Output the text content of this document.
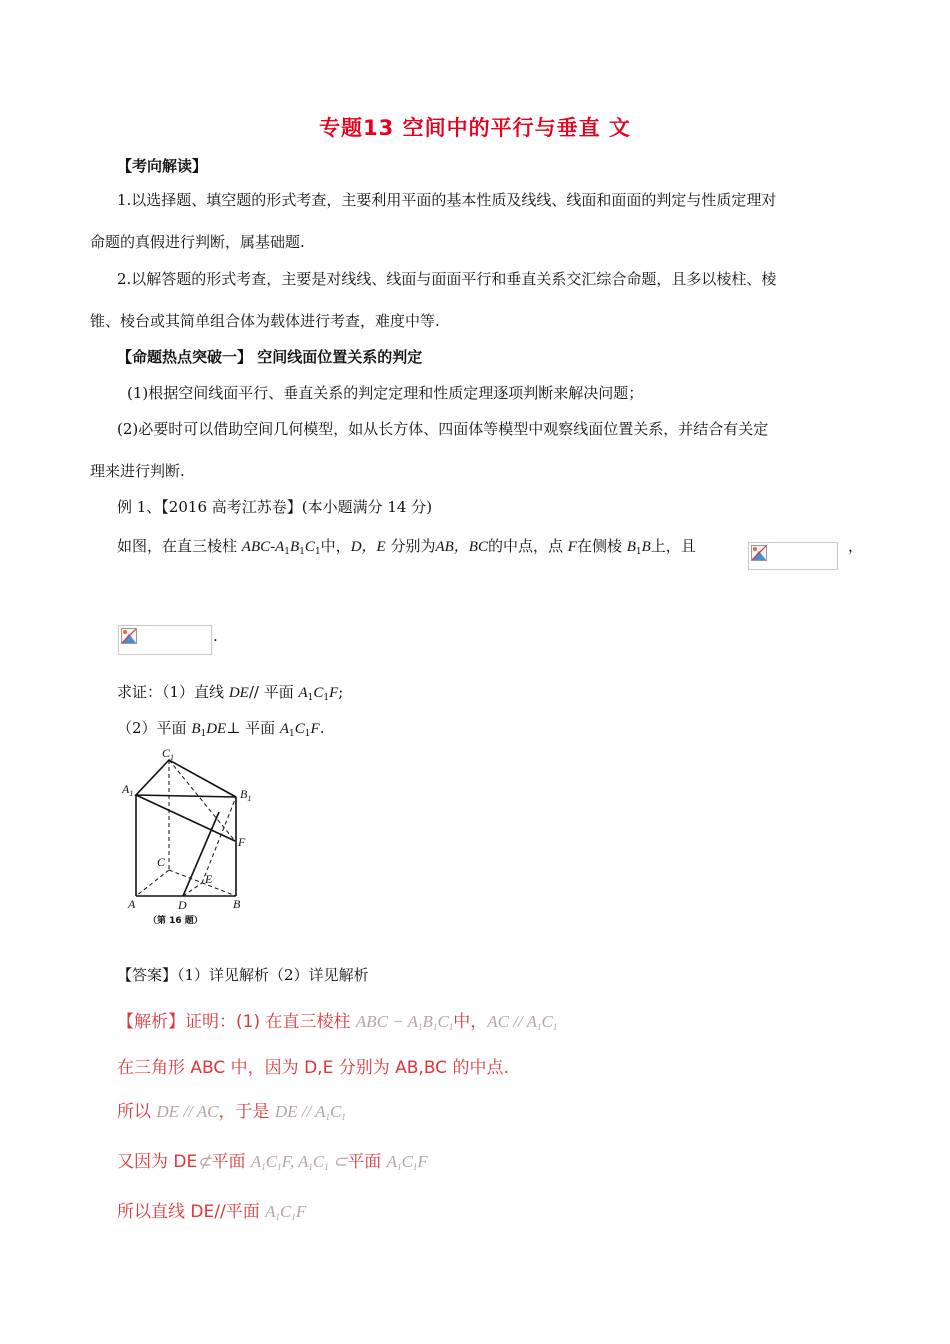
专题13 空间中的平行与垂直 文
【考向解读】
1.以选择题、填空题的形式考查，主要利用平面的基本性质及线线、线面和面面的判定与性质定理对
命题的真假进行判断，属基础题.
2.以解答题的形式考查，主要是对线线、线面与面面平行和垂直关系交汇综合命题，且多以棱柱、棱
锥、棱台或其简单组合体为载体进行考查，难度中等.
【命题热点突破一】 空间线面位置关系的判定
(1)根据空间线面平行、垂直关系的判定定理和性质定理逐项判断来解决问题；
(2)必要时可以借助空间几何模型，如从长方体、四面体等模型中观察线面位置关系，并结合有关定
理来进行判断.
例 1、【2016 高考江苏卷】(本小题满分 14 分)
如图，在直三棱柱 ABC-$A_1B_1C_1$中，D，E 分别为AB，BC的中点，点 F在侧棱 $B_1B$上，且	，
.
求证：（1）直线 DE// 平面 $A_1C_1F$;
（2）平面 $B_1DE\perp$ 平面 $A_1C_1F$.
$C_1$
$A_1$	$B_1$
F
C
E
A	D	B
（第 16 题）
【答案】（1）详见解析（2）详见解析
【解析】证明：(1) 在直三棱柱 ABC − $A_1B_1C_1$中，AC // $A_1C_1$
在三角形 ABC 中，因为 D,E 分别为 AB,BC 的中点.
所以 DE // AC，于是 DE // $A_1C_1$
又因为 DE⊄平面 $A_1C_1F$, $A_1C_1$ ⊂平面 $A_1C_1F$
所以直线 DE//平面 $A_1C_1F$
